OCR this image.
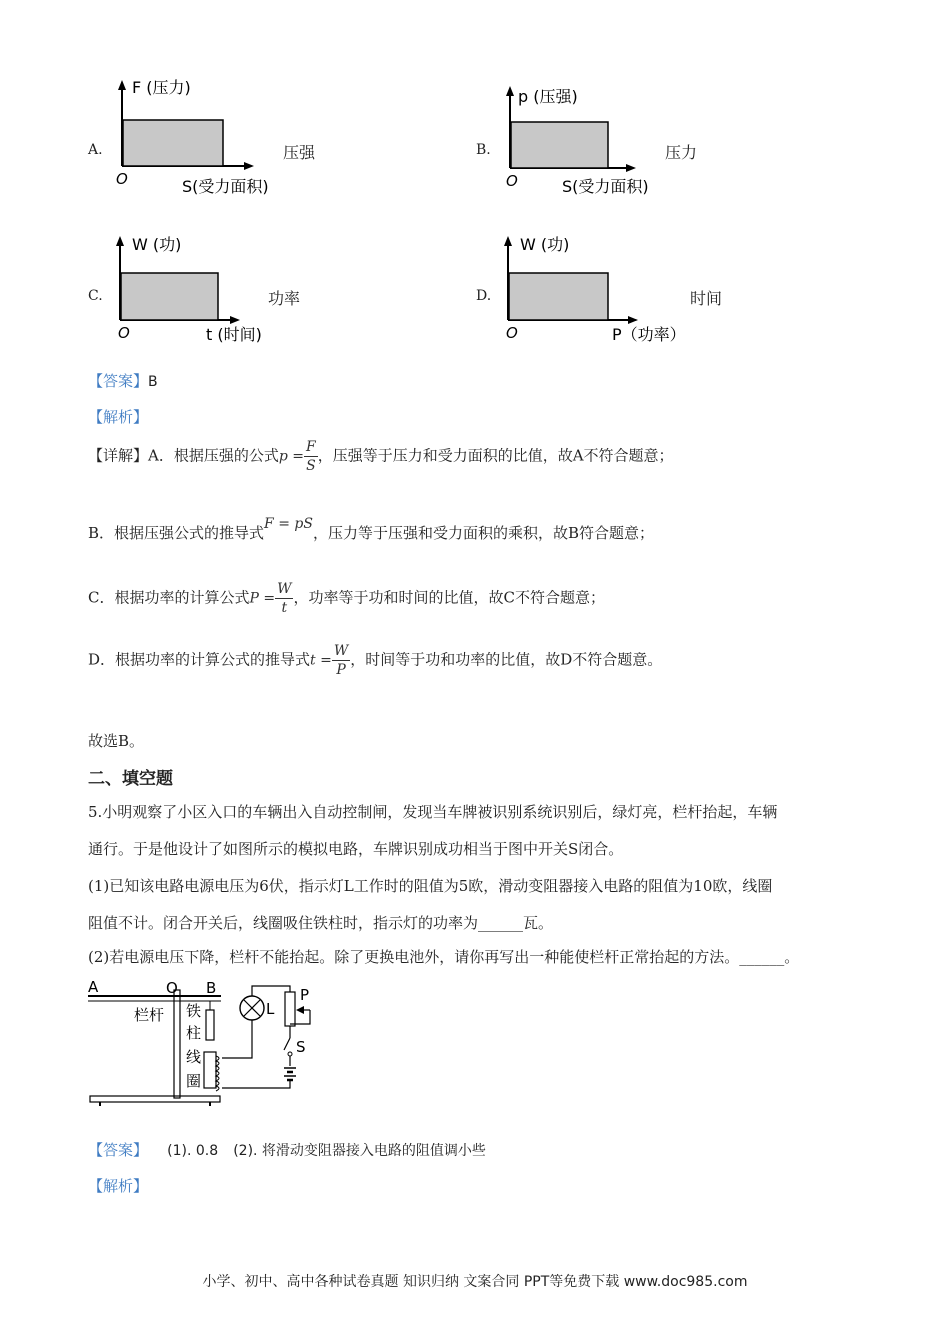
A.
F (压力)
O	S(受力面积)
压强	B.
p (压强)
O	S(受力面积)
压力
C.
W (功)
O	t (时间)
功率	D.
W (功)
O	P（功率）
时间
【答案】B
【解析】
【详解】A．根据压强的公式$p = \frac{F}{S}$ ，压强等于压力和受力面积的比值，故A不符合题意；
B．根据压强公式的推导式F = pS，压力等于压强和受力面积的乘积，故B符合题意；
C．根据功率的计算公式$P = \frac{W}{t}$ ，功率等于功和时间的比值，故C不符合题意；
D．根据功率的计算公式的推导式$t = \frac{W}{P}$ ，时间等于功和功率的比值，故D不符合题意。
故选B。
二、填空题
5.小明观察了小区入口的车辆出入自动控制闸，发现当车牌被识别系统识别后，绿灯亮，栏杆抬起，车辆
通行。于是他设计了如图所示的模拟电路，车牌识别成功相当于图中开关S闭合。
(1)已知该电路电源电压为6伏，指示灯L工作时的阻值为5欧，滑动变阻器接入电路的阻值为10欧，线圈
阻值不计。闭合开关后，线圈吸住铁柱时，指示灯的功率为______瓦。
(2)若电源电压下降，栏杆不能抬起。除了更换电池外，请你再写出一种能使栏杆正常抬起的方法。______。
A	O B
栏杆 铁
柱
线
圈
L
P
S
【答案】 (1). 0.8 (2). 将滑动变阻器接入电路的阻值调小些
【解析】
小学、初中、高中各种试卷真题 知识归纳 文案合同 PPT等免费下载 www.doc985.com
